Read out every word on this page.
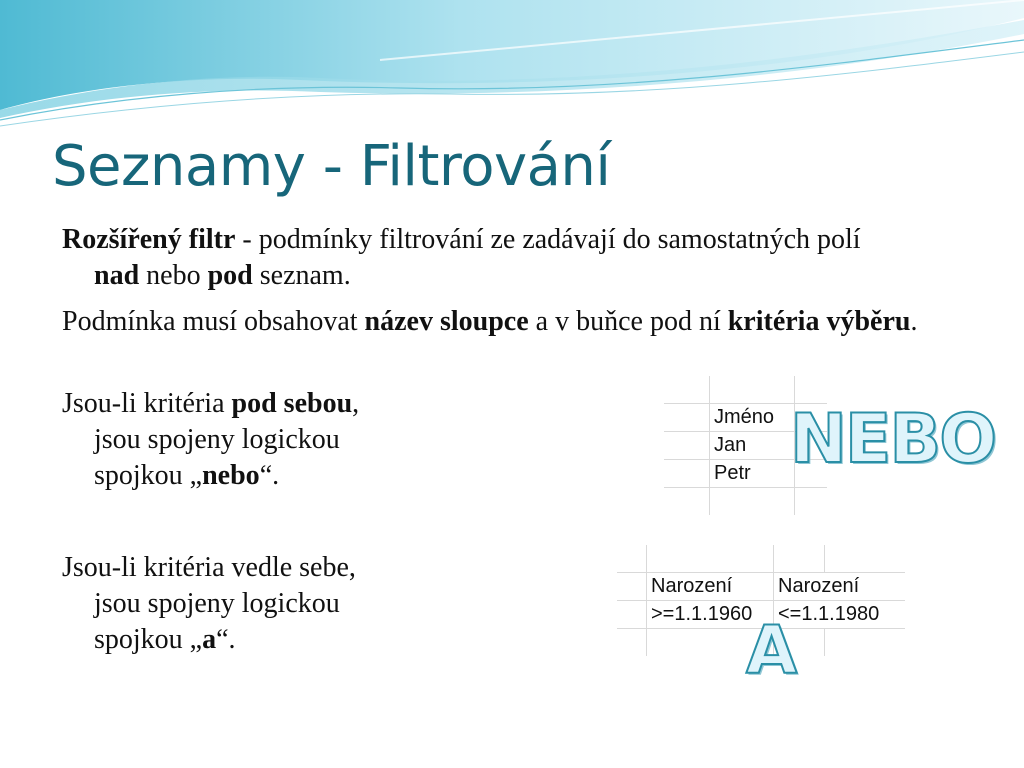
Seznamy - Filtrování
Rozšířený filtr - podmínky filtrování ze zadávají do samostatných polí nad nebo pod seznam.
Podmínka musí obsahovat název sloupce a v buňce pod ní kritéria výběru.
Jsou-li kritéria pod sebou,
jsou spojeny logickou
spojkou „nebo“.
Jsou-li kritéria vedle sebe,
jsou spojeny logickou
spojkou „a“.

	Jméno	
	Jan	
	Petr	
		NEBO

	Narození	Narození	
	>=1.1.1960	<=1.1.1980	

A
